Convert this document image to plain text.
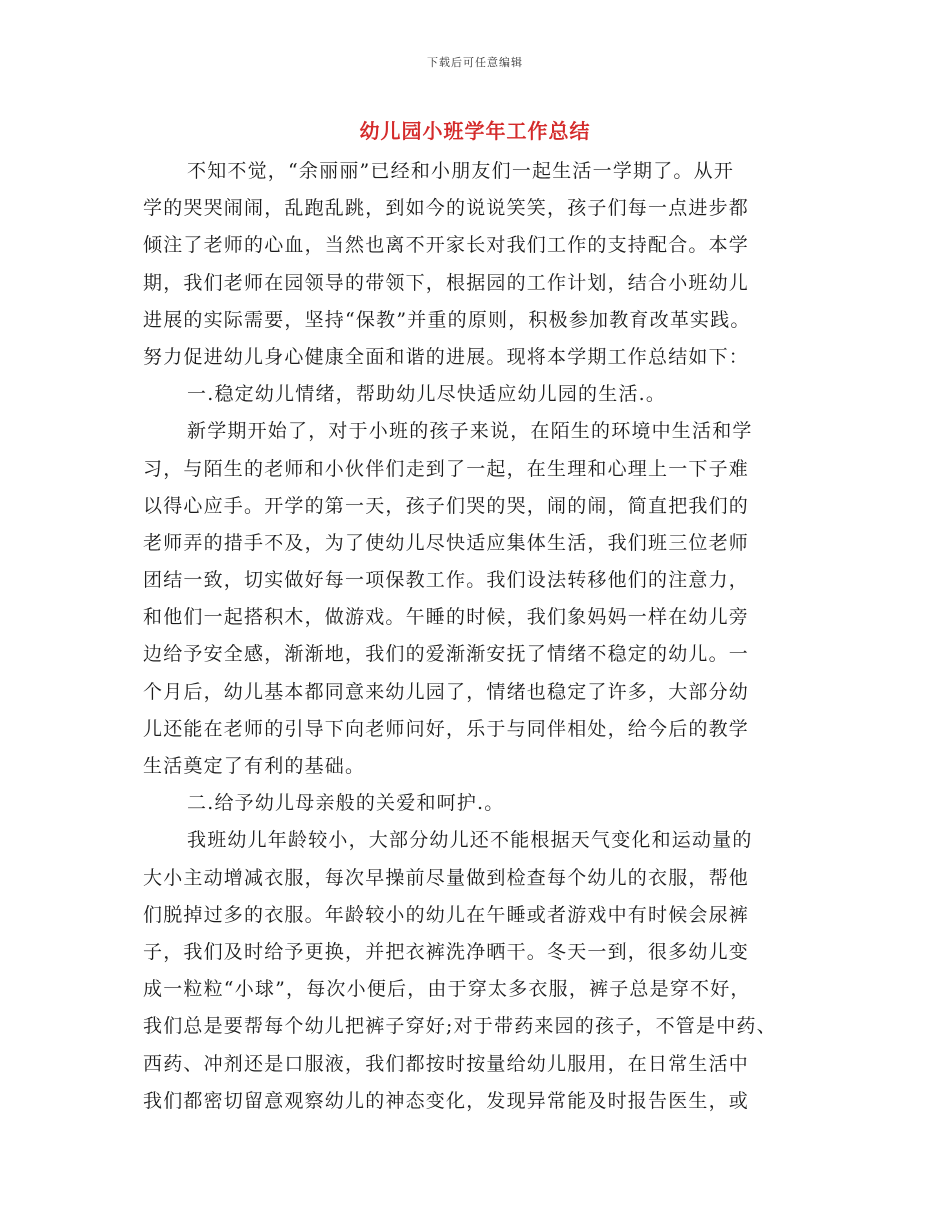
下载后可任意编辑
幼儿园小班学年工作总结
不知不觉，“余丽丽”已经和小朋友们一起生活一学期了。从开
学的哭哭闹闹，乱跑乱跳，到如今的说说笑笑，孩子们每一点进步都
倾注了老师的心血，当然也离不开家长对我们工作的支持配合。本学
期，我们老师在园领导的带领下，根据园的工作计划，结合小班幼儿
进展的实际需要，坚持“保教”并重的原则，积极参加教育改革实践。
努力促进幼儿身心健康全面和谐的进展。现将本学期工作总结如下：
一.稳定幼儿情绪，帮助幼儿尽快适应幼儿园的生活.。
新学期开始了，对于小班的孩子来说，在陌生的环境中生活和学
习，与陌生的老师和小伙伴们走到了一起，在生理和心理上一下子难
以得心应手。开学的第一天，孩子们哭的哭，闹的闹，简直把我们的
老师弄的措手不及，为了使幼儿尽快适应集体生活，我们班三位老师
团结一致，切实做好每一项保教工作。我们设法转移他们的注意力，
和他们一起搭积木，做游戏。午睡的时候，我们象妈妈一样在幼儿旁
边给予安全感，渐渐地，我们的爱渐渐安抚了情绪不稳定的幼儿。一
个月后，幼儿基本都同意来幼儿园了，情绪也稳定了许多，大部分幼
儿还能在老师的引导下向老师问好，乐于与同伴相处，给今后的教学
生活奠定了有利的基础。
二.给予幼儿母亲般的关爱和呵护.。
我班幼儿年龄较小，大部分幼儿还不能根据天气变化和运动量的
大小主动增减衣服，每次早操前尽量做到检查每个幼儿的衣服，帮他
们脱掉过多的衣服。年龄较小的幼儿在午睡或者游戏中有时候会尿裤
子，我们及时给予更换，并把衣裤洗净晒干。冬天一到，很多幼儿变
成一粒粒“小球”，每次小便后，由于穿太多衣服，裤子总是穿不好，
我们总是要帮每个幼儿把裤子穿好;对于带药来园的孩子，不管是中药、
西药、冲剂还是口服液，我们都按时按量给幼儿服用，在日常生活中
我们都密切留意观察幼儿的神态变化，发现异常能及时报告医生，或
